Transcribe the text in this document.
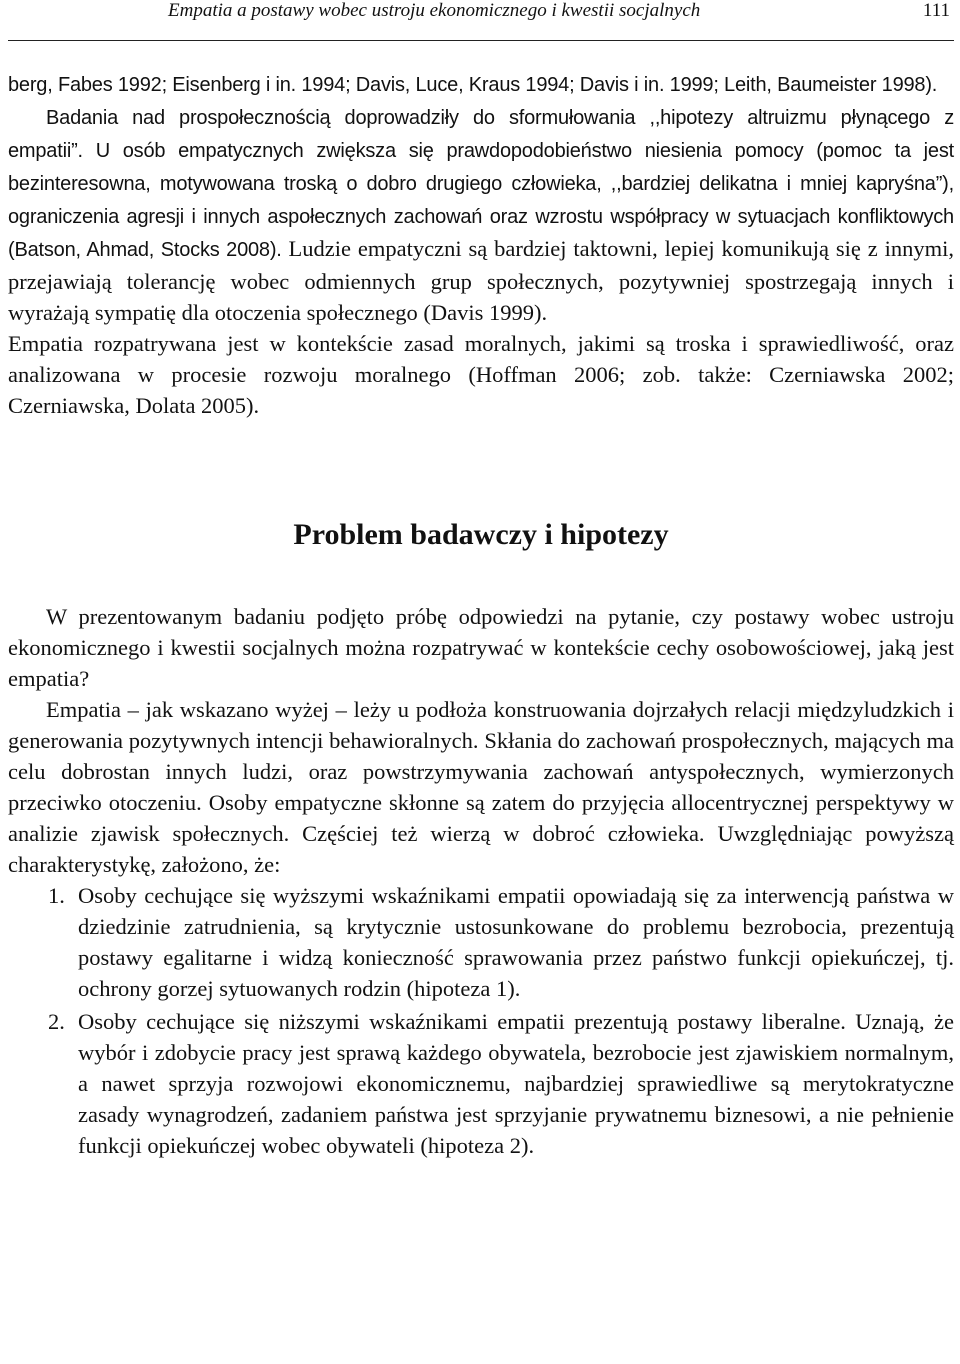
Empatia a postawy wobec ustroju ekonomicznego i kwestii socjalnych	111

berg, Fabes 1992; Eisenberg i in. 1994; Davis, Luce, Kraus 1994; Davis i in. 1999; Leith, Baumeister 1998).

Badania nad prospołecznością doprowadziły do sformułowania ,,hipotezy altruizmu płynącego z empatii”. U osób empatycznych zwiększa się prawdopodobieństwo niesienia pomocy (pomoc ta jest bezinteresowna, motywowana troską o dobro drugiego człowieka, ,,bardziej delikatna i mniej kapryśna”), ograniczenia agresji i innych aspołecznych zachowań oraz wzrostu współpracy w sytuacjach konfliktowych (Batson, Ahmad, Stocks 2008). Ludzie empatyczni są bardziej taktowni, lepiej komunikują się z innymi, przejawiają tolerancję wobec odmiennych grup społecznych, pozytywniej spostrzegają innych i wyrażają sympatię dla otoczenia społecznego (Davis 1999).

Empatia rozpatrywana jest w kontekście zasad moralnych, jakimi są troska i sprawiedliwość, oraz analizowana w procesie rozwoju moralnego (Hoffman 2006; zob. także: Czerniawska 2002; Czerniawska, Dolata 2005).

Problem badawczy i hipotezy

W prezentowanym badaniu podjęto próbę odpowiedzi na pytanie, czy postawy wobec ustroju ekonomicznego i kwestii socjalnych można rozpatrywać w kontekście cechy osobowościowej, jaką jest empatia?

Empatia – jak wskazano wyżej – leży u podłoża konstruowania dojrzałych relacji międzyludzkich i generowania pozytywnych intencji behawioralnych. Skłania do zachowań prospołecznych, mających ma celu dobrostan innych ludzi, oraz powstrzymywania zachowań antyspołecznych, wymierzonych przeciwko otoczeniu. Osoby empatyczne skłonne są zatem do przyjęcia allocentrycznej perspektywy w analizie zjawisk społecznych. Częściej też wierzą w dobroć człowieka. Uwzględniając powyższą charakterystykę, założono, że:

1. Osoby cechujące się wyższymi wskaźnikami empatii opowiadają się za interwencją państwa w dziedzinie zatrudnienia, są krytycznie ustosunkowane do problemu bezrobocia, prezentują postawy egalitarne i widzą konieczność sprawowania przez państwo funkcji opiekuńczej, tj. ochrony gorzej sytuowanych rodzin (hipoteza 1).
2. Osoby cechujące się niższymi wskaźnikami empatii prezentują postawy liberalne. Uznają, że wybór i zdobycie pracy jest sprawą każdego obywatela, bezrobocie jest zjawiskiem normalnym, a nawet sprzyja rozwojowi ekonomicznemu, najbardziej sprawiedliwe są merytokratyczne zasady wynagrodzeń, zadaniem państwa jest sprzyjanie prywatnemu biznesowi, a nie pełnienie funkcji opiekuńczej wobec obywateli (hipoteza 2).
